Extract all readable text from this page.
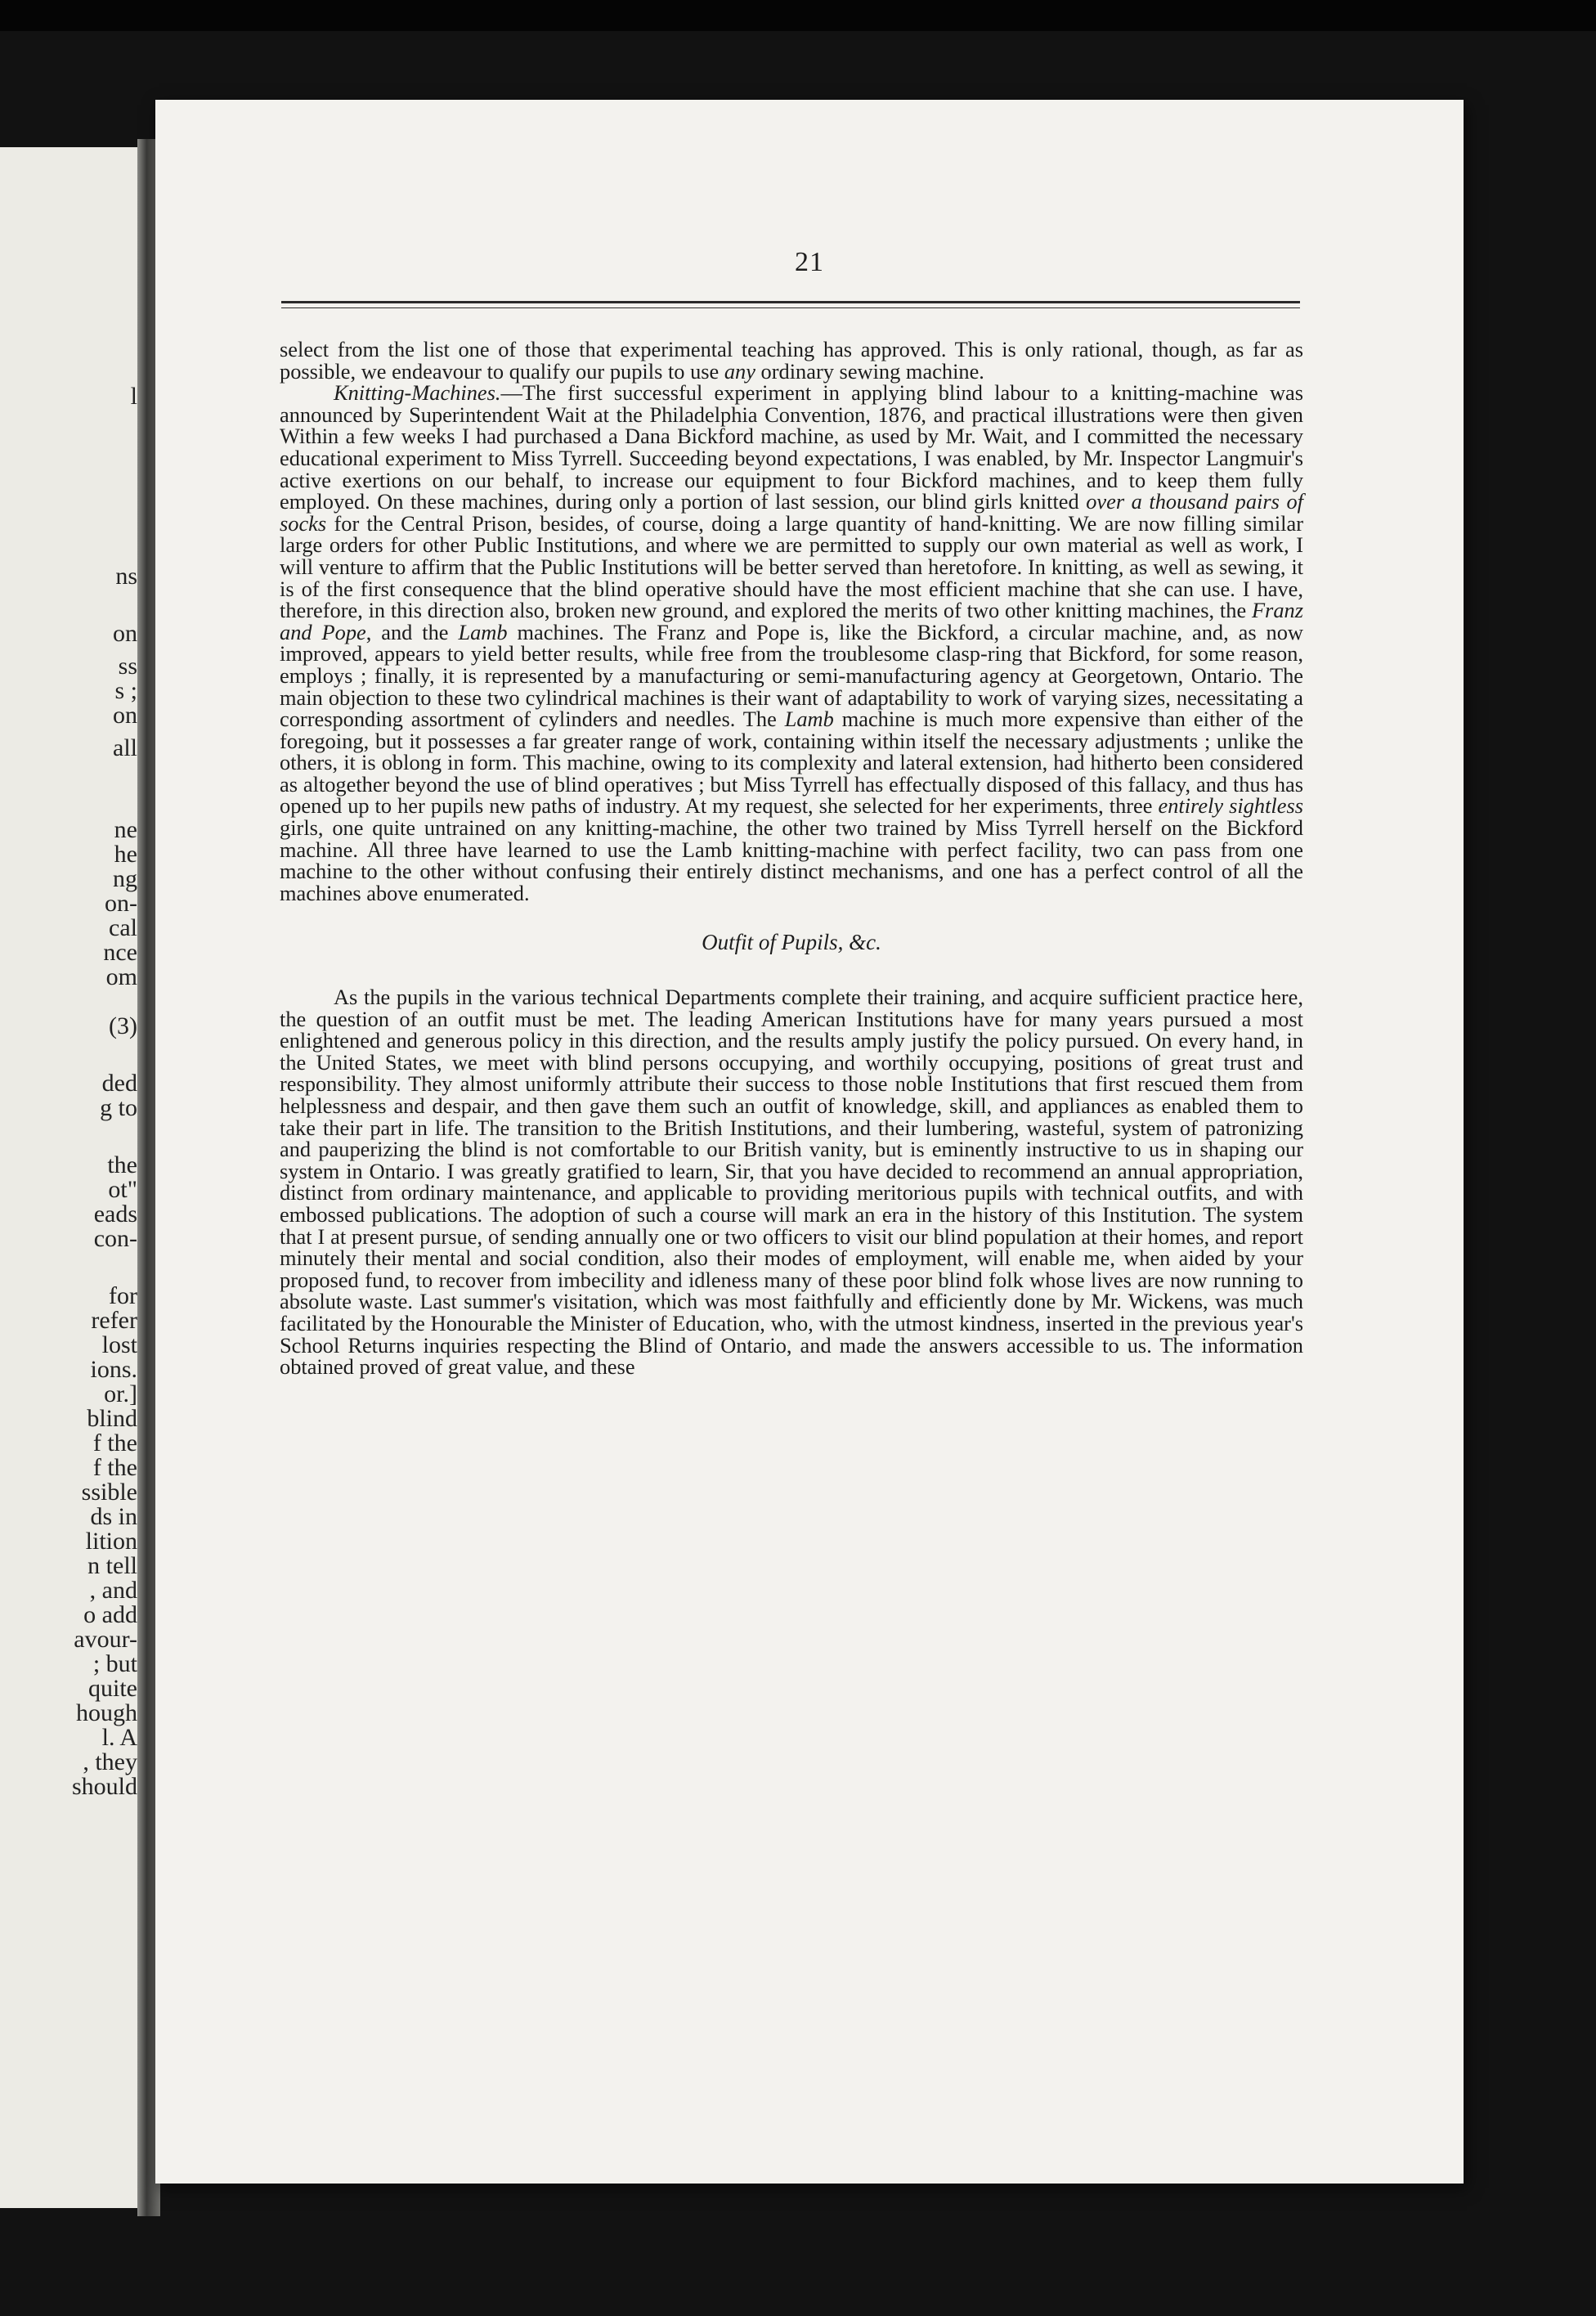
l
ns
on
ss
s ;
on
all
ne
he
ng
on-
cal
nce
om
(3)
ded
g to
the
ot"
eads
con-
for
refer
lost
ions.
or.]
blind
f the
f the
ssible
ds in
lition
n tell
, and
o add
avour-
; but
quite
hough
l. A
, they
should
21

select from the list one of those that experimental teaching has approved. This is only rational, though, as far as possible, we endeavour to qualify our pupils to use any ordinary sewing machine.

Knitting-Machines.—The first successful experiment in applying blind labour to a knitting-machine was announced by Superintendent Wait at the Philadelphia Convention, 1876, and practical illustrations were then given Within a few weeks I had purchased a Dana Bickford machine, as used by Mr. Wait, and I committed the necessary educational experiment to Miss Tyrrell. Succeeding beyond expectations, I was enabled, by Mr. Inspector Langmuir's active exertions on our behalf, to increase our equipment to four Bickford machines, and to keep them fully employed. On these machines, during only a portion of last session, our blind girls knitted over a thousand pairs of socks for the Central Prison, besides, of course, doing a large quantity of hand-knitting. We are now filling similar large orders for other Public Institutions, and where we are permitted to supply our own material as well as work, I will venture to affirm that the Public Institutions will be better served than heretofore. In knitting, as well as sewing, it is of the first consequence that the blind operative should have the most efficient machine that she can use. I have, therefore, in this direction also, broken new ground, and explored the merits of two other knitting machines, the Franz and Pope, and the Lamb machines. The Franz and Pope is, like the Bickford, a circular machine, and, as now improved, appears to yield better results, while free from the troublesome clasp-ring that Bickford, for some reason, employs ; finally, it is represented by a manufacturing or semi-manufacturing agency at Georgetown, Ontario. The main objection to these two cylindrical machines is their want of adaptability to work of varying sizes, necessitating a corresponding assortment of cylinders and needles. The Lamb machine is much more expensive than either of the foregoing, but it possesses a far greater range of work, containing within itself the necessary adjustments ; unlike the others, it is oblong in form. This machine, owing to its complexity and lateral extension, had hitherto been considered as altogether beyond the use of blind operatives ; but Miss Tyrrell has effectually disposed of this fallacy, and thus has opened up to her pupils new paths of industry. At my request, she selected for her experiments, three entirely sightless girls, one quite untrained on any knitting-machine, the other two trained by Miss Tyrrell herself on the Bickford machine. All three have learned to use the Lamb knitting-machine with perfect facility, two can pass from one machine to the other without confusing their entirely distinct mechanisms, and one has a perfect control of all the machines above enumerated.

Outfit of Pupils, &c.

As the pupils in the various technical Departments complete their training, and acquire sufficient practice here, the question of an outfit must be met. The leading American Institutions have for many years pursued a most enlightened and generous policy in this direction, and the results amply justify the policy pursued. On every hand, in the United States, we meet with blind persons occupying, and worthily occupying, positions of great trust and responsibility. They almost uniformly attribute their success to those noble Institutions that first rescued them from helplessness and despair, and then gave them such an outfit of knowledge, skill, and appliances as enabled them to take their part in life. The transition to the British Institutions, and their lumbering, wasteful, system of patronizing and pauperizing the blind is not comfortable to our British vanity, but is eminently instructive to us in shaping our system in Ontario. I was greatly gratified to learn, Sir, that you have decided to recommend an annual appropriation, distinct from ordinary maintenance, and applicable to providing meritorious pupils with technical outfits, and with embossed publications. The adoption of such a course will mark an era in the history of this Institution. The system that I at present pursue, of sending annually one or two officers to visit our blind population at their homes, and report minutely their mental and social condition, also their modes of employment, will enable me, when aided by your proposed fund, to recover from imbecility and idleness many of these poor blind folk whose lives are now running to absolute waste. Last summer's visitation, which was most faithfully and efficiently done by Mr. Wickens, was much facilitated by the Honourable the Minister of Education, who, with the utmost kindness, inserted in the previous year's School Returns inquiries respecting the Blind of Ontario, and made the answers accessible to us. The information obtained proved of great value, and these
